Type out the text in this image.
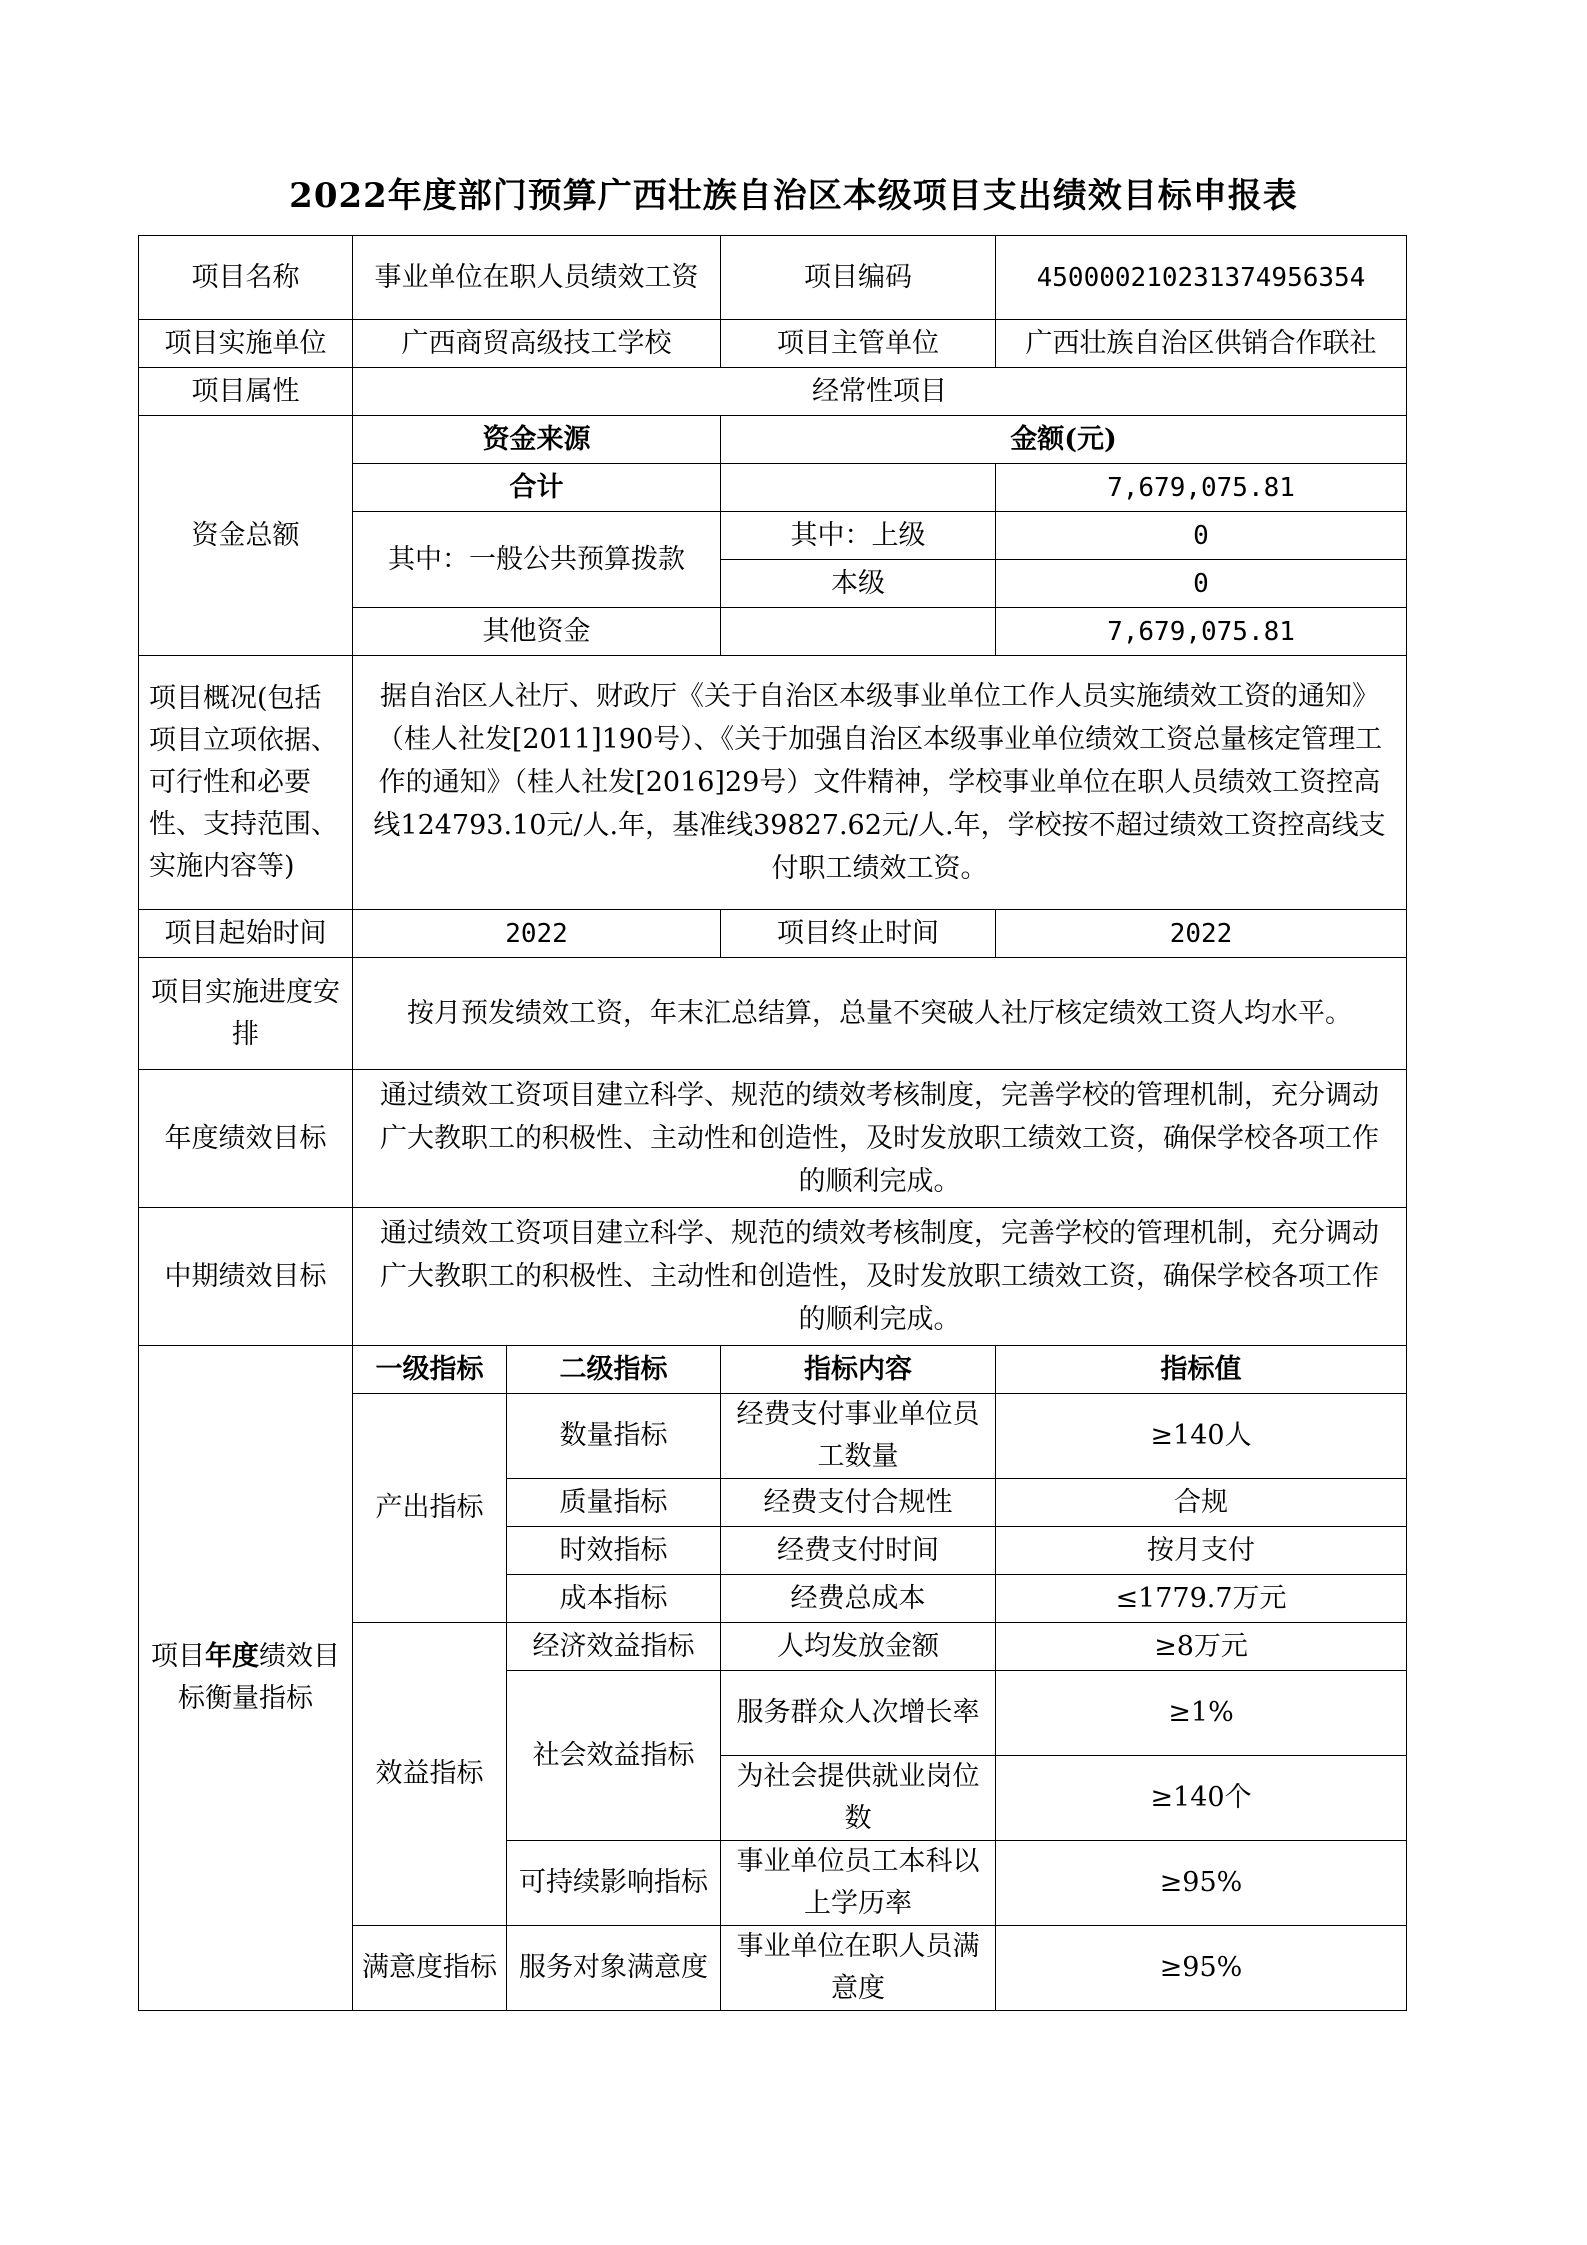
2022年度部门预算广西壮族自治区本级项目支出绩效目标申报表
项目名称	事业单位在职人员绩效工资		项目编码	450000210231374956354
项目实施单位	广西商贸高级技工学校		项目主管单位	广西壮族自治区供销合作联社
项目属性	经常性项目			
资金总额	资金来源		金额(元)	
	合计			7,679,075.81
	其中：一般公共预算拨款		其中：上级	0
			本级	0
	其他资金			7,679,075.81
项目概况(包括项目立项依据、可行性和必要性、支持范围、实施内容等)	据自治区人社厅、财政厅《关于自治区本级事业单位工作人员实施绩效工资的通知》（桂人社发[2011]190号）、《关于加强自治区本级事业单位绩效工资总量核定管理工作的通知》（桂人社发[2016]29号）文件精神，学校事业单位在职人员绩效工资控高线124793.10元/人.年，基准线39827.62元/人.年，学校按不超过绩效工资控高线支付职工绩效工资。			
项目起始时间	2022		项目终止时间	2022
项目实施进度安排	按月预发绩效工资，年末汇总结算，总量不突破人社厅核定绩效工资人均水平。			
年度绩效目标	通过绩效工资项目建立科学、规范的绩效考核制度，完善学校的管理机制，充分调动广大教职工的积极性、主动性和创造性，及时发放职工绩效工资，确保学校各项工作的顺利完成。			
中期绩效目标	通过绩效工资项目建立科学、规范的绩效考核制度，完善学校的管理机制，充分调动广大教职工的积极性、主动性和创造性，及时发放职工绩效工资，确保学校各项工作的顺利完成。			
项目年度绩效目标衡量指标	一级指标	二级指标	指标内容	指标值
	产出指标	数量指标	经费支付事业单位员工数量	≥140人
		质量指标	经费支付合规性	合规
		时效指标	经费支付时间	按月支付
		成本指标	经费总成本	≤1779.7万元
	效益指标	经济效益指标	人均发放金额	≥8万元
		社会效益指标	服务群众人次增长率	≥1%
			为社会提供就业岗位数	≥140个
		可持续影响指标	事业单位员工本科以上学历率	≥95%
	满意度指标	服务对象满意度	事业单位在职人员满意度	≥95%
